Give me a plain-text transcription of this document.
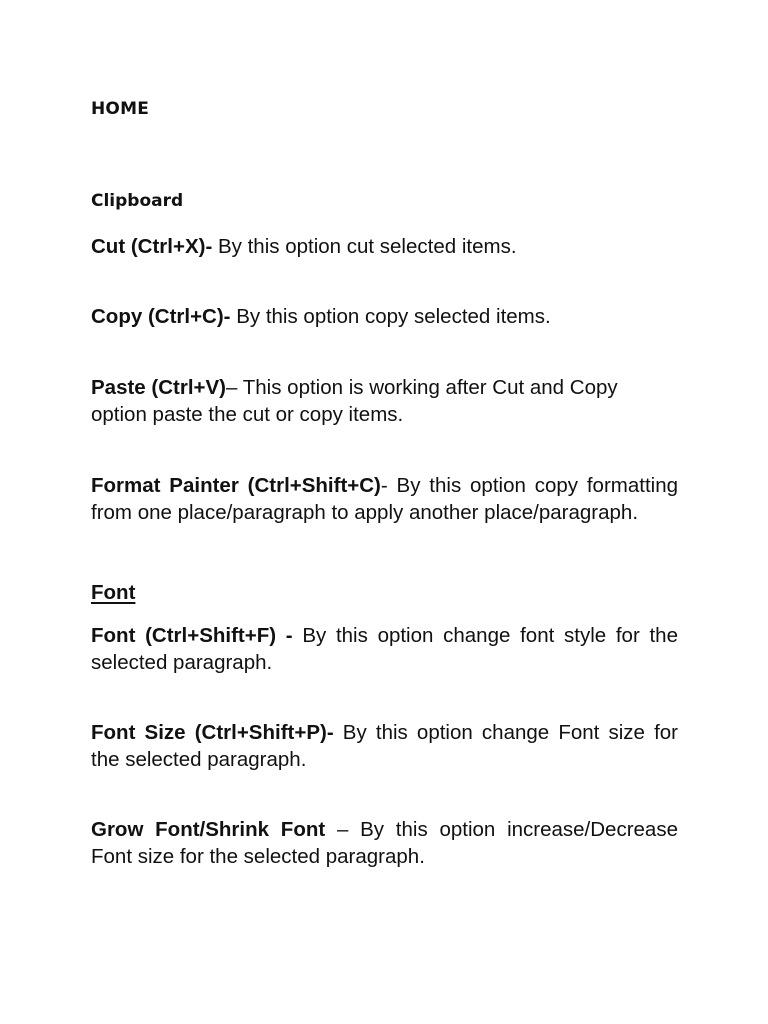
HOME
Clipboard

Cut (Ctrl+X)- By this option cut selected items.

Copy (Ctrl+C)- By this option copy selected items.

Paste (Ctrl+V)– This option is working after Cut and Copy option paste the cut or copy items.

Format Painter (Ctrl+Shift+C)- By this option copy formatting from one place/paragraph to apply another place/paragraph.

Font

Font (Ctrl+Shift+F) - By this option change font style for the selected paragraph.

Font Size (Ctrl+Shift+P)- By this option change Font size for the selected paragraph.

Grow Font/Shrink Font – By this option increase/Decrease Font size for the selected paragraph.
